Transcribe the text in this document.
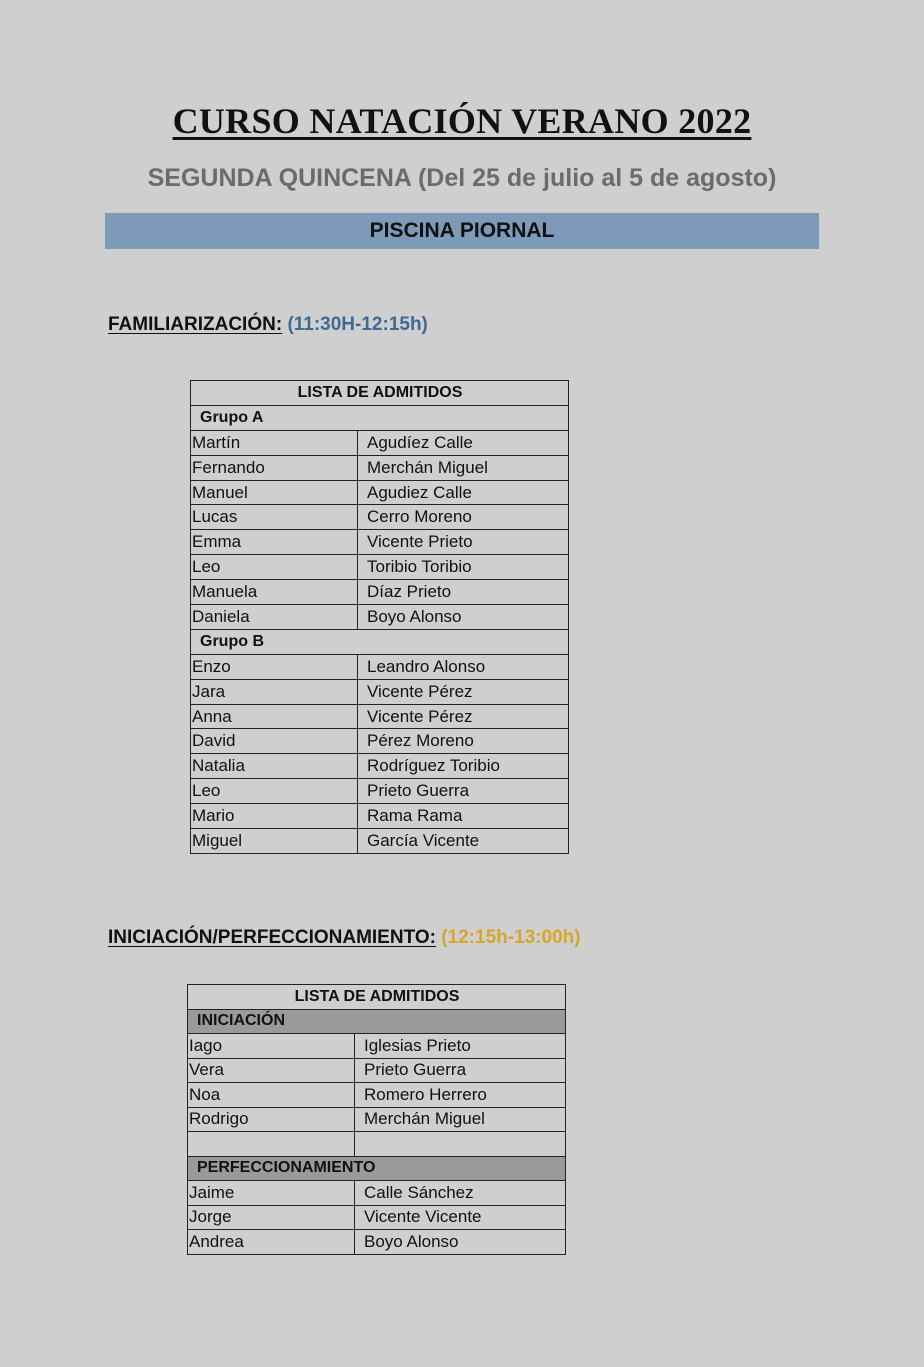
CURSO NATACIÓN VERANO 2022
SEGUNDA QUINCENA (Del 25 de julio al 5 de agosto)
PISCINA PIORNAL
FAMILIARIZACIÓN: (11:30H-12:15h)
LISTA DE ADMITIDOS	
Grupo A	
Martín	Agudíez Calle
Fernando	Merchán Miguel
Manuel	Agudiez Calle
Lucas	Cerro Moreno
Emma	Vicente Prieto
Leo	Toribio Toribio
Manuela	Díaz Prieto
Daniela	Boyo Alonso
Grupo B	
Enzo	Leandro Alonso
Jara	Vicente Pérez
Anna	Vicente Pérez
David	Pérez Moreno
Natalia	Rodríguez Toribio
Leo	Prieto Guerra
Mario	Rama Rama
Miguel	García Vicente
INICIACIÓN/PERFECCIONAMIENTO: (12:15h-13:00h)
LISTA DE ADMITIDOS	
INICIACIÓN	
Iago	Iglesias Prieto
Vera	Prieto Guerra
Noa	Romero Herrero
Rodrigo	Merchán Miguel

PERFECCIONAMIENTO	
Jaime	Calle Sánchez
Jorge	Vicente Vicente
Andrea	Boyo Alonso
